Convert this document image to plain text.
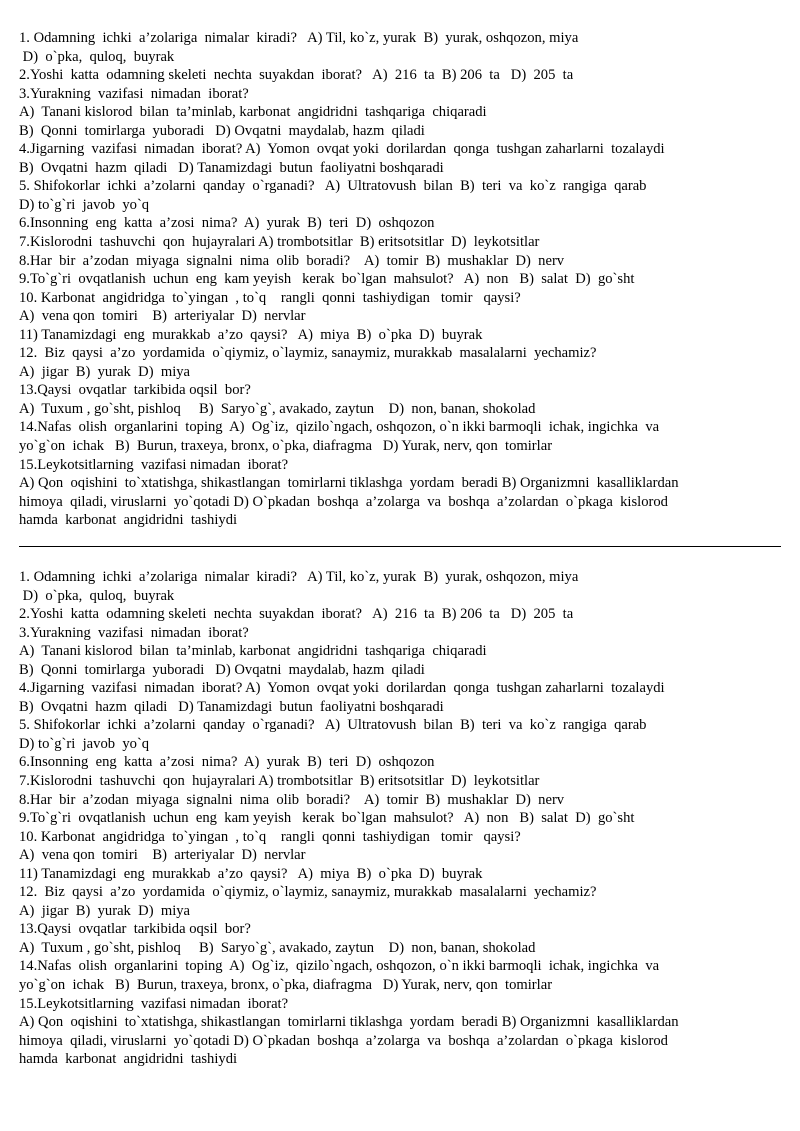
1. Odamning  ichki  a’zolariga  nimalar  kiradi?   A) Til, ko`z, yurak  B)  yurak, oshqozon, miya
D)  o`pka,  quloq,  buyrak
2.Yoshi  katta  odamning skeleti  nechta  suyakdan  iborat?   A)  216  ta  B) 206  ta   D)  205  ta
3.Yurakning  vazifasi  nimadan  iborat?
A)  Tanani kislorod  bilan  ta’minlab, karbonat  angidridni  tashqariga  chiqaradi
B)  Qonni  tomirlarga  yuboradi   D) Ovqatni  maydalab, hazm  qiladi
4.Jigarning  vazifasi  nimadan  iborat? A)  Yomon  ovqat yoki  dorilardan  qonga  tushgan zaharlarni  tozalaydi
B)  Ovqatni  hazm  qiladi   D) Tanamizdagi  butun  faoliyatni boshqaradi
5. Shifokorlar  ichki  a’zolarni  qanday  o`rganadi?   A)  Ultratovush  bilan  B)  teri  va  ko`z  rangiga  qarab
D) to`g`ri  javob  yo`q
6.Insonning  eng  katta  a’zosi  nima?  A)  yurak  B)  teri  D)  oshqozon
7.Kislorodni  tashuvchi  qon  hujayralari A) trombotsitlar  B) eritsotsitlar  D)  leykotsitlar
8.Har  bir  a’zodan  miyaga  signalni  nima  olib  boradi?    A)  tomir  B)  mushaklar  D)  nerv
9.To`g`ri  ovqatlanish  uchun  eng  kam yeyish   kerak  bo`lgan  mahsulot?   A)  non   B)  salat  D)  go`sht
10. Karbonat  angidridga  to`yingan  , to`q    rangli  qonni  tashiydigan   tomir   qaysi?
A)  vena qon  tomiri    B)  arteriyalar  D)  nervlar
11) Tanamizdagi  eng  murakkab  a’zo  qaysi?   A)  miya  B)  o`pka  D)  buyrak
12.  Biz  qaysi  a’zo  yordamida  o`qiymiz, o`laymiz, sanaymiz, murakkab  masalalarni  yechamiz?
A)  jigar  B)  yurak  D)  miya
13.Qaysi  ovqatlar  tarkibida oqsil  bor?
A)  Tuxum , go`sht, pishloq     B)  Saryo`g`, avakado, zaytun    D)  non, banan, shokolad
14.Nafas  olish  organlarini  toping  A)  Og`iz,  qizilo`ngach, oshqozon, o`n ikki barmoqli  ichak, ingichka  va
yo`g`on  ichak   B)  Burun, traxeya, bronx, o`pka, diafragma   D) Yurak, nerv, qon  tomirlar
15.Leykotsitlarning  vazifasi nimadan  iborat?
A) Qon  oqishini  to`xtatishga, shikastlangan  tomirlarni tiklashga  yordam  beradi B) Organizmni  kasalliklardan
himoya  qiladi, viruslarni  yo`qotadi D) O`pkadan  boshqa  a’zolarga  va  boshqa  a’zolardan  o`pkaga  kislorod
hamda  karbonat  angidridni  tashiydi
1. Odamning  ichki  a’zolariga  nimalar  kiradi?   A) Til, ko`z, yurak  B)  yurak, oshqozon, miya
D)  o`pka,  quloq,  buyrak
2.Yoshi  katta  odamning skeleti  nechta  suyakdan  iborat?   A)  216  ta  B) 206  ta   D)  205  ta
3.Yurakning  vazifasi  nimadan  iborat?
A)  Tanani kislorod  bilan  ta’minlab, karbonat  angidridni  tashqariga  chiqaradi
B)  Qonni  tomirlarga  yuboradi   D) Ovqatni  maydalab, hazm  qiladi
4.Jigarning  vazifasi  nimadan  iborat? A)  Yomon  ovqat yoki  dorilardan  qonga  tushgan zaharlarni  tozalaydi
B)  Ovqatni  hazm  qiladi   D) Tanamizdagi  butun  faoliyatni boshqaradi
5. Shifokorlar  ichki  a’zolarni  qanday  o`rganadi?   A)  Ultratovush  bilan  B)  teri  va  ko`z  rangiga  qarab
D) to`g`ri  javob  yo`q
6.Insonning  eng  katta  a’zosi  nima?  A)  yurak  B)  teri  D)  oshqozon
7.Kislorodni  tashuvchi  qon  hujayralari A) trombotsitlar  B) eritsotsitlar  D)  leykotsitlar
8.Har  bir  a’zodan  miyaga  signalni  nima  olib  boradi?    A)  tomir  B)  mushaklar  D)  nerv
9.To`g`ri  ovqatlanish  uchun  eng  kam yeyish   kerak  bo`lgan  mahsulot?   A)  non   B)  salat  D)  go`sht
10. Karbonat  angidridga  to`yingan  , to`q    rangli  qonni  tashiydigan   tomir   qaysi?
A)  vena qon  tomiri    B)  arteriyalar  D)  nervlar
11) Tanamizdagi  eng  murakkab  a’zo  qaysi?   A)  miya  B)  o`pka  D)  buyrak
12.  Biz  qaysi  a’zo  yordamida  o`qiymiz, o`laymiz, sanaymiz, murakkab  masalalarni  yechamiz?
A)  jigar  B)  yurak  D)  miya
13.Qaysi  ovqatlar  tarkibida oqsil  bor?
A)  Tuxum , go`sht, pishloq     B)  Saryo`g`, avakado, zaytun    D)  non, banan, shokolad
14.Nafas  olish  organlarini  toping  A)  Og`iz,  qizilo`ngach, oshqozon, o`n ikki barmoqli  ichak, ingichka  va
yo`g`on  ichak   B)  Burun, traxeya, bronx, o`pka, diafragma   D) Yurak, nerv, qon  tomirlar
15.Leykotsitlarning  vazifasi nimadan  iborat?
A) Qon  oqishini  to`xtatishga, shikastlangan  tomirlarni tiklashga  yordam  beradi B) Organizmni  kasalliklardan
himoya  qiladi, viruslarni  yo`qotadi D) O`pkadan  boshqa  a’zolarga  va  boshqa  a’zolardan  o`pkaga  kislorod
hamda  karbonat  angidridni  tashiydi
